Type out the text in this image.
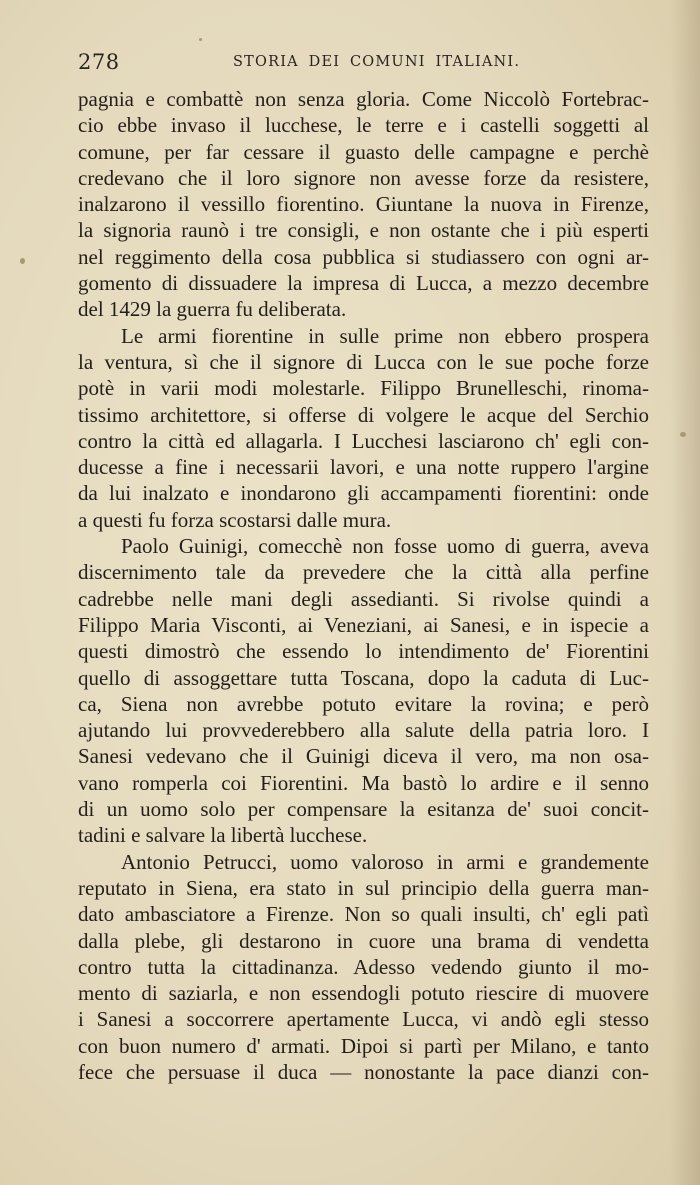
278	STORIA DEI COMUNI ITALIANI.
pagnia e combattè non senza gloria. Come Niccolò Fortebrac-
cio ebbe invaso il lucchese, le terre e i castelli soggetti al
comune, per far cessare il guasto delle campagne e perchè
credevano che il loro signore non avesse forze da resistere,
inalzarono il vessillo fiorentino. Giuntane la nuova in Firenze,
la signoria raunò i tre consigli, e non ostante che i più esperti
nel reggimento della cosa pubblica si studiassero con ogni ar-
gomento di dissuadere la impresa di Lucca, a mezzo decembre
del 1429 la guerra fu deliberata.
Le armi fiorentine in sulle prime non ebbero prospera
la ventura, sì che il signore di Lucca con le sue poche forze
potè in varii modi molestarle. Filippo Brunelleschi, rinoma-
tissimo architettore, si offerse di volgere le acque del Serchio
contro la città ed allagarla. I Lucchesi lasciarono ch' egli con-
ducesse a fine i necessarii lavori, e una notte ruppero l'argine
da lui inalzato e inondarono gli accampamenti fiorentini: onde
a questi fu forza scostarsi dalle mura.
Paolo Guinigi, comecchè non fosse uomo di guerra, aveva
discernimento tale da prevedere che la città alla perfine
cadrebbe nelle mani degli assedianti. Si rivolse quindi a
Filippo Maria Visconti, ai Veneziani, ai Sanesi, e in ispecie a
questi dimostrò che essendo lo intendimento de' Fiorentini
quello di assoggettare tutta Toscana, dopo la caduta di Luc-
ca, Siena non avrebbe potuto evitare la rovina; e però
ajutando lui provvederebbero alla salute della patria loro. I
Sanesi vedevano che il Guinigi diceva il vero, ma non osa-
vano romperla coi Fiorentini. Ma bastò lo ardire e il senno
di un uomo solo per compensare la esitanza de' suoi concit-
tadini e salvare la libertà lucchese.
Antonio Petrucci, uomo valoroso in armi e grandemente
reputato in Siena, era stato in sul principio della guerra man-
dato ambasciatore a Firenze. Non so quali insulti, ch' egli patì
dalla plebe, gli destarono in cuore una brama di vendetta
contro tutta la cittadinanza. Adesso vedendo giunto il mo-
mento di saziarla, e non essendogli potuto riescire di muovere
i Sanesi a soccorrere apertamente Lucca, vi andò egli stesso
con buon numero d' armati. Dipoi si partì per Milano, e tanto
fece che persuase il duca — nonostante la pace dianzi con-
